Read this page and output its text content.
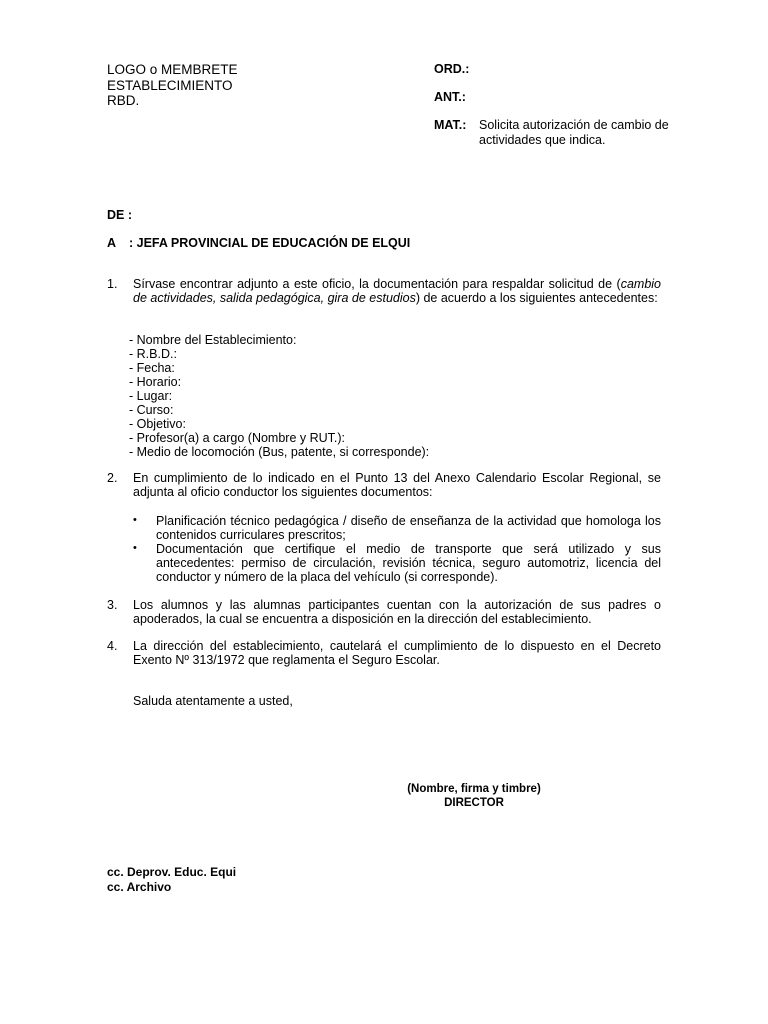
LOGO o MEMBRETE
ESTABLECIMIENTO
RBD.
ORD.:
ANT.:
MAT.: Solicita autorización de cambio de actividades que indica.
DE :
A : JEFA PROVINCIAL DE EDUCACIÓN DE ELQUI
1. Sírvase encontrar adjunto a este oficio, la documentación para respaldar solicitud de (cambio de actividades, salida pedagógica, gira de estudios) de acuerdo a los siguientes antecedentes:
- Nombre del Establecimiento:
- R.B.D.:
- Fecha:
- Horario:
- Lugar:
- Curso:
- Objetivo:
- Profesor(a) a cargo (Nombre y RUT.):
- Medio de locomoción (Bus, patente, si corresponde):
2. En cumplimiento de lo indicado en el Punto 13 del Anexo Calendario Escolar Regional, se adjunta al oficio conductor los siguientes documentos:
• Planificación técnico pedagógica / diseño de enseñanza de la actividad que homologa los contenidos curriculares prescritos;
• Documentación que certifique el medio de transporte que será utilizado y sus antecedentes: permiso de circulación, revisión técnica, seguro automotriz, licencia del conductor y número de la placa del vehículo (si corresponde).
3. Los alumnos y las alumnas participantes cuentan con la autorización de sus padres o apoderados, la cual se encuentra a disposición en la dirección del establecimiento.
4. La dirección del establecimiento, cautelará el cumplimiento de lo dispuesto en el Decreto Exento Nº 313/1972 que reglamenta el Seguro Escolar.
Saluda atentamente a usted,
(Nombre, firma y timbre)
DIRECTOR
cc. Deprov. Educ. Equi
cc. Archivo
